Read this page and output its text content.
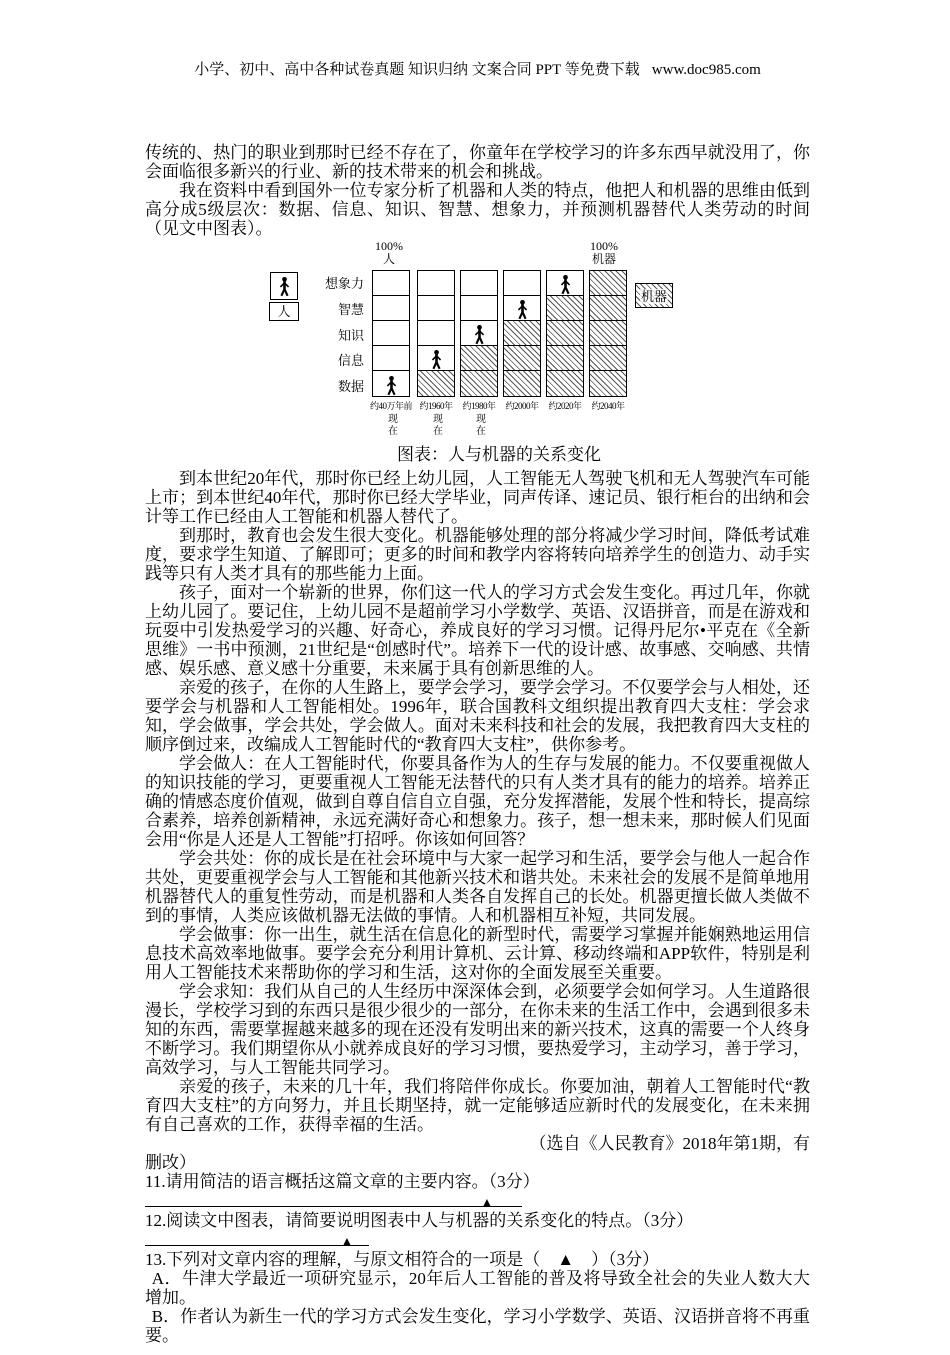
小学、初中、高中各种试卷真题 知识归纳 文案合同 PPT 等免费下载 www.doc985.com

传统的、热门的职业到那时已经不存在了，你童年在学校学习的许多东西早就没用了，你会面临很多新兴的行业、新的技术带来的机会和挑战。

我在资料中看到国外一位专家分析了机器和人类的特点，他把人和机器的思维由低到高分成5级层次：数据、信息、知识、智慧、想象力，并预测机器替代人类劳动的时间（见文中图表）。

100%
人
100%
机器
人
想象力
智慧
知识
信息
数据
约40万年前
现在
约1960年
现在
约1980年
现在
约2000年 约2020年 约2040年
机器
图表：人与机器的关系变化

到本世纪20年代，那时你已经上幼儿园，人工智能无人驾驶飞机和无人驾驶汽车可能上市；到本世纪40年代，那时你已经大学毕业，同声传译、速记员、银行柜台的出纳和会计等工作已经由人工智能和机器人替代了。

到那时，教育也会发生很大变化。机器能够处理的部分将减少学习时间，降低考试难度，要求学生知道、了解即可；更多的时间和教学内容将转向培养学生的创造力、动手实践等只有人类才具有的那些能力上面。

孩子，面对一个崭新的世界，你们这一代人的学习方式会发生变化。再过几年，你就上幼儿园了。要记住，上幼儿园不是超前学习小学数学、英语、汉语拼音，而是在游戏和玩耍中引发热爱学习的兴趣、好奇心，养成良好的学习习惯。记得丹尼尔•平克在《全新思维》一书中预测，21世纪是“创感时代”。培养下一代的设计感、故事感、交响感、共情感、娱乐感、意义感十分重要，未来属于具有创新思维的人。

亲爱的孩子，在你的人生路上，要学会学习，要学会学习。不仅要学会与人相处，还要学会与机器和人工智能相处。1996年，联合国教科文组织提出教育四大支柱：学会求知，学会做事，学会共处，学会做人。面对未来科技和社会的发展，我把教育四大支柱的顺序倒过来，改编成人工智能时代的“教育四大支柱”，供你参考。

学会做人：在人工智能时代，你要具备作为人的生存与发展的能力。不仅要重视做人的知识技能的学习，更要重视人工智能无法替代的只有人类才具有的能力的培养。培养正确的情感态度价值观，做到自尊自信自立自强，充分发挥潜能，发展个性和特长，提高综合素养，培养创新精神，永远充满好奇心和想象力。孩子，想一想未来，那时候人们见面会用“你是人还是人工智能”打招呼。你该如何回答？

学会共处：你的成长是在社会环境中与大家一起学习和生活，要学会与他人一起合作共处，更要重视学会与人工智能和其他新兴技术和谐共处。未来社会的发展不是简单地用机器替代人的重复性劳动，而是机器和人类各自发挥自己的长处。机器更擅长做人类做不到的事情，人类应该做机器无法做的事情。人和机器相互补短，共同发展。

学会做事：你一出生，就生活在信息化的新型时代，需要学习掌握并能娴熟地运用信息技术高效率地做事。要学会充分利用计算机、云计算、移动终端和APP软件，特别是利用人工智能技术来帮助你的学习和生活，这对你的全面发展至关重要。

学会求知：我们从自己的人生经历中深深体会到，必须要学会如何学习。人生道路很漫长，学校学习到的东西只是很少很少的一部分，在你未来的生活工作中，会遇到很多未知的东西，需要掌握越来越多的现在还没有发明出来的新兴技术，这真的需要一个人终身不断学习。我们期望你从小就养成良好的学习习惯，要热爱学习，主动学习，善于学习，高效学习，与人工智能共同学习。

亲爱的孩子，未来的几十年，我们将陪伴你成长。你要加油，朝着人工智能时代“教育四大支柱”的方向努力，并且长期坚持，就一定能够适应新时代的发展变化，在未来拥有自己喜欢的工作，获得幸福的生活。

（选自《人民教育》2018年第1期，有
删改）

11.请用简洁的语言概括这篇文章的主要内容。（3分）

▲

12.阅读文中图表，请简要说明图表中人与机器的关系变化的特点。（3分）

▲

13.下列对文章内容的理解，与原文相符合的一项是（　▲　）（3分）

A．牛津大学最近一项研究显示，20年后人工智能的普及将导致全社会的失业人数大大增加。

B．作者认为新生一代的学习方式会发生变化，学习小学数学、英语、汉语拼音将不再重要。
